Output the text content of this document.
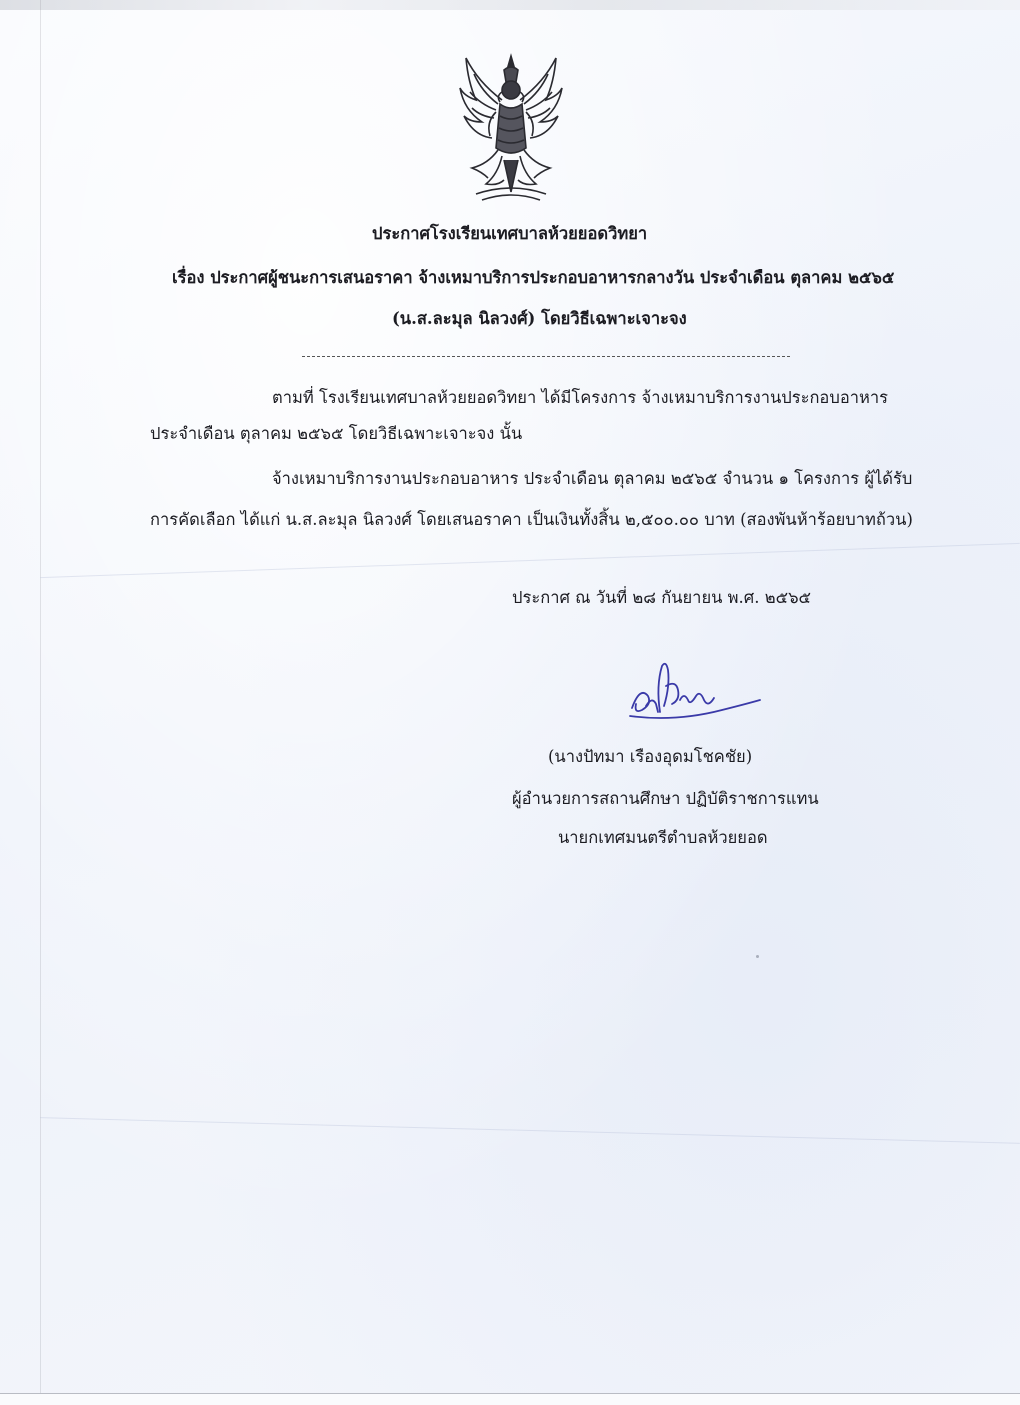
ประกาศโรงเรียนเทศบาลห้วยยอดวิทยา
เรื่อง ประกาศผู้ชนะการเสนอราคา จ้างเหมาบริการประกอบอาหารกลางวัน ประจำเดือน ตุลาคม ๒๕๖๕
(น.ส.ละมุล นิลวงศ์) โดยวิธีเฉพาะเจาะจง
ตามที่ โรงเรียนเทศบาลห้วยยอดวิทยา ได้มีโครงการ จ้างเหมาบริการงานประกอบอาหาร
ประจำเดือน ตุลาคม ๒๕๖๕ โดยวิธีเฉพาะเจาะจง นั้น
จ้างเหมาบริการงานประกอบอาหาร ประจำเดือน ตุลาคม ๒๕๖๕ จำนวน ๑ โครงการ ผู้ได้รับ
การคัดเลือก ได้แก่ น.ส.ละมุล นิลวงศ์ โดยเสนอราคา เป็นเงินทั้งสิ้น ๒,๕๐๐.๐๐ บาท (สองพันห้าร้อยบาทถ้วน)
ประกาศ ณ วันที่ ๒๘ กันยายน พ.ศ. ๒๕๖๕
(นางปัทมา เรืองอุดมโชคชัย)
ผู้อำนวยการสถานศึกษา ปฏิบัติราชการแทน
นายกเทศมนตรีตำบลห้วยยอด
